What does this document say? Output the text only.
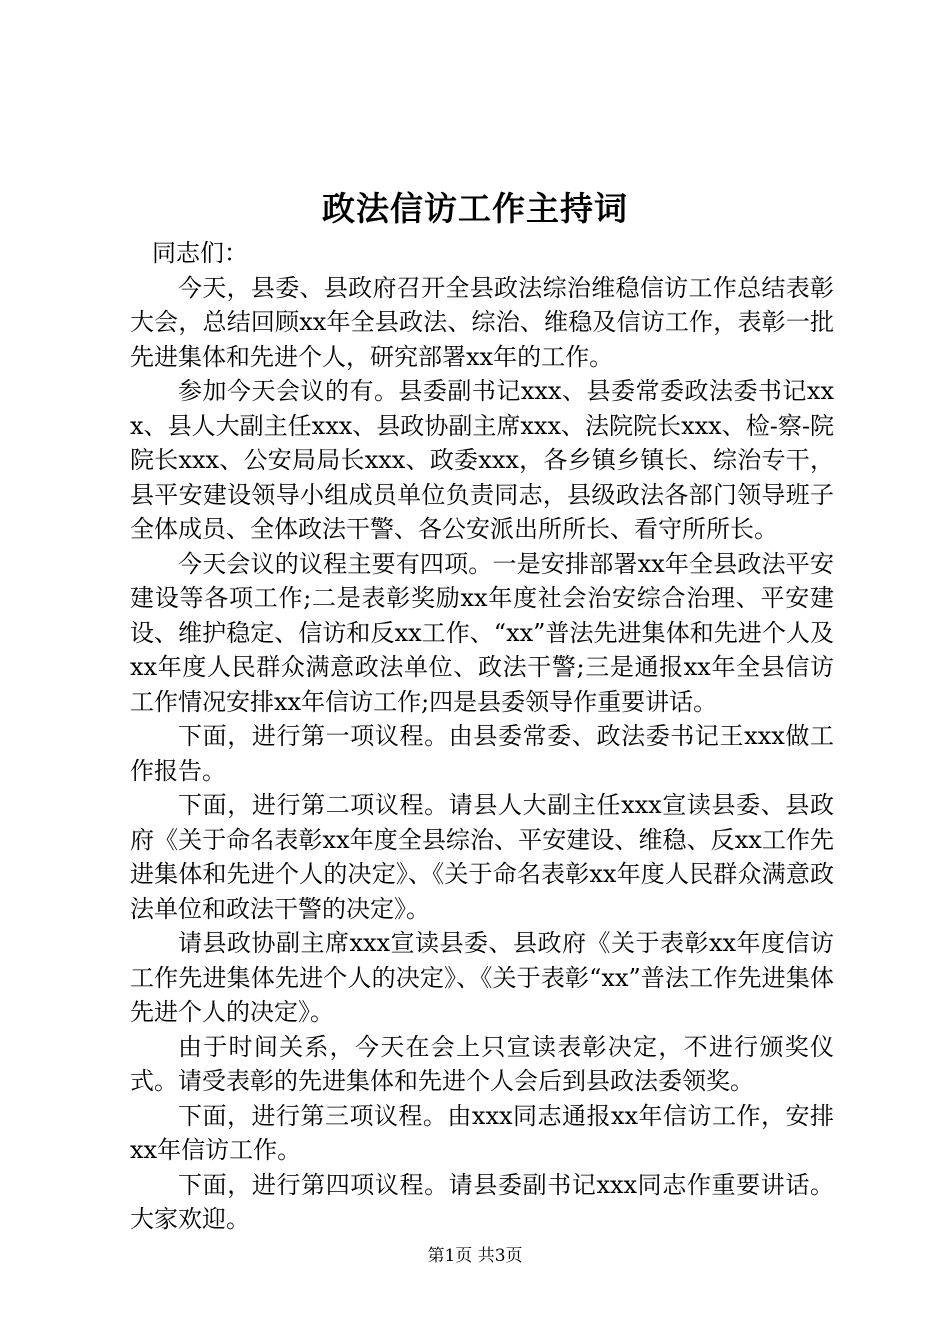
政法信访工作主持词

同志们：

今天，县委、县政府召开全县政法综治维稳信访工作总结表彰大会，总结回顾xx年全县政法、综治、维稳及信访工作，表彰一批先进集体和先进个人，研究部署xx年的工作。

参加今天会议的有。县委副书记xxx、县委常委政法委书记xxx、县人大副主任xxx、县政协副主席xxx、法院院长xxx、检-察-院院长xxx、公安局局长xxx、政委xxx，各乡镇乡镇长、综治专干，县平安建设领导小组成员单位负责同志，县级政法各部门领导班子全体成员、全体政法干警、各公安派出所所长、看守所所长。

今天会议的议程主要有四项。一是安排部署xx年全县政法平安建设等各项工作;二是表彰奖励xx年度社会治安综合治理、平安建设、维护稳定、信访和反xx工作、“xx”普法先进集体和先进个人及xx年度人民群众满意政法单位、政法干警;三是通报xx年全县信访工作情况安排xx年信访工作;四是县委领导作重要讲话。

下面，进行第一项议程。由县委常委、政法委书记王xxx做工作报告。

下面，进行第二项议程。请县人大副主任xxx宣读县委、县政府《关于命名表彰xx年度全县综治、平安建设、维稳、反xx工作先进集体和先进个人的决定》、《关于命名表彰xx年度人民群众满意政法单位和政法干警的决定》。

请县政协副主席xxx宣读县委、县政府《关于表彰xx年度信访工作先进集体先进个人的决定》、《关于表彰“xx”普法工作先进集体先进个人的决定》。

由于时间关系，今天在会上只宣读表彰决定，不进行颁奖仪式。请受表彰的先进集体和先进个人会后到县政法委领奖。

下面，进行第三项议程。由xxx同志通报xx年信访工作，安排xx年信访工作。

下面，进行第四项议程。请县委副书记xxx同志作重要讲话。大家欢迎。

第1页 共3页
